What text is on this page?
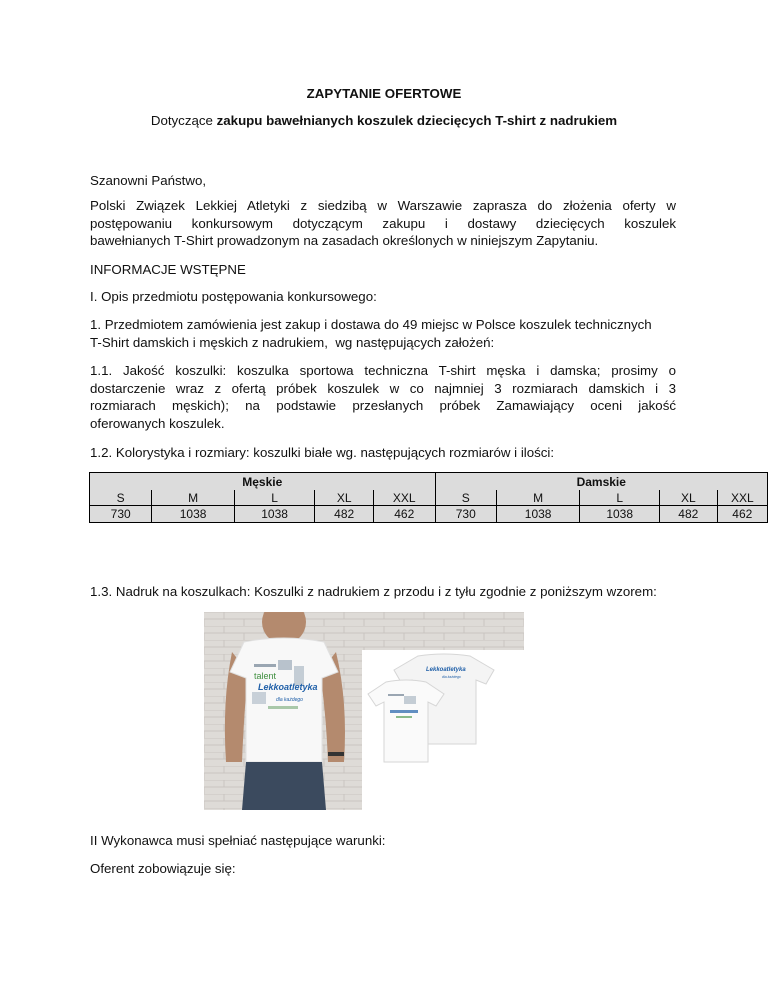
ZAPYTANIE OFERTOWE
Dotyczące zakupu bawełnianych koszulek dziecięcych T-shirt z nadrukiem
Szanowni Państwo,
Polski Związek Lekkiej Atletyki z siedzibą w Warszawie zaprasza do złożenia oferty w
postępowaniu konkursowym dotyczącym zakupu i dostawy dziecięcych koszulek
bawełnianych T-Shirt prowadzonym na zasadach określonych w niniejszym Zapytaniu.
INFORMACJE WSTĘPNE
I. Opis przedmiotu postępowania konkursowego:
1. Przedmiotem zamówienia jest zakup i dostawa do 49 miejsc w Polsce koszulek technicznych
T-Shirt damskich i męskich z nadrukiem,  wg następujących założeń:
1.1. Jakość koszulki: koszulka sportowa techniczna T-shirt męska i damska; prosimy o
dostarczenie wraz z ofertą próbek koszulek w co najmniej 3 rozmiarach damskich i 3
rozmiarach męskich); na podstawie przesłanych próbek Zamawiający oceni jakość
oferowanych koszulek.
1.2. Kolorystyka i rozmiary: koszulki białe wg. następujących rozmiarów i ilości:
Męskie					Damskie				
S	M	L	XL	XXL	S	M	L	XL	XXL
730	1038	1038	482	462	730	1038	1038	482	462
1.3. Nadruk na koszulkach: Koszulki z nadrukiem z przodu i z tyłu zgodnie z poniższym wzorem:
talent
Lekkoatletyka
dla każdego
Lekkoatletyka
dla każdego
II Wykonawca musi spełniać następujące warunki:
Oferent zobowiązuje się:
